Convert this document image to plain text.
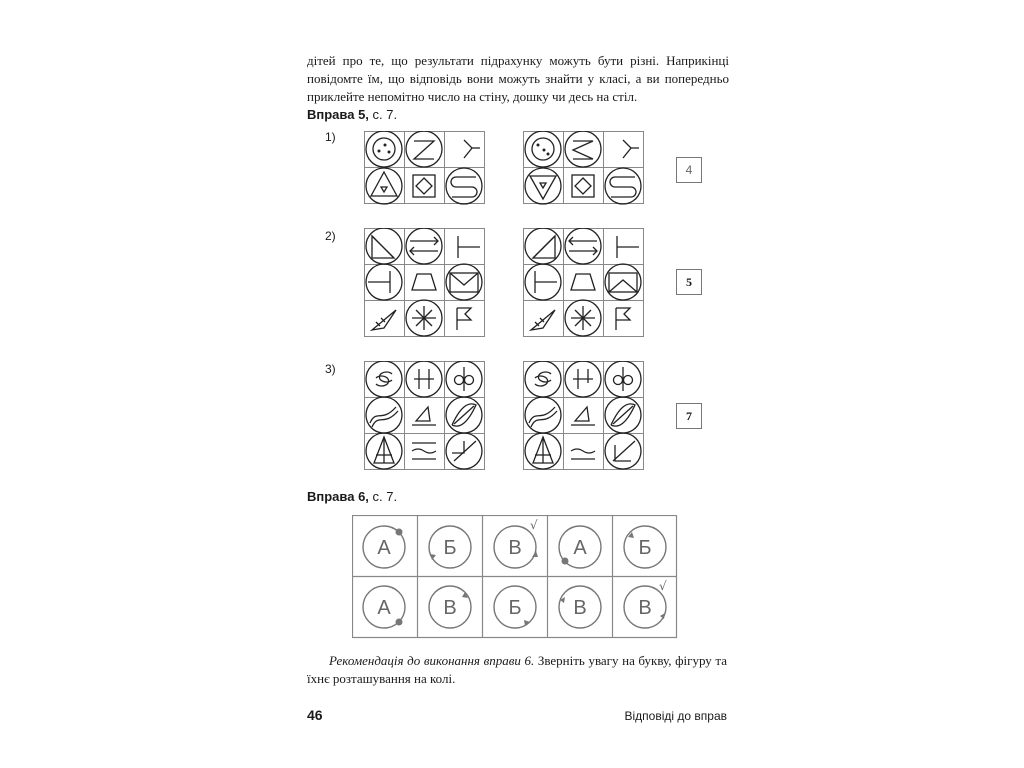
дітей про те, що результати підрахунку можуть бути різні. Наприкінці повідомте їм, що відповідь вони можуть знайти у класі, а ви попередньо приклейте непомітно число на стіну, дошку чи десь на стіл.

Вправа 5, с. 7.

1)
4
2)
5
3)
7

Вправа 6, с. 7.

А	Б	В	А	Б
А	В	Б	В	В
√
√

Рекомендація до виконання вправи 6. Зверніть увагу на букву, фігуру та їхнє розташування на колі.

46	Відповіді до вправ
